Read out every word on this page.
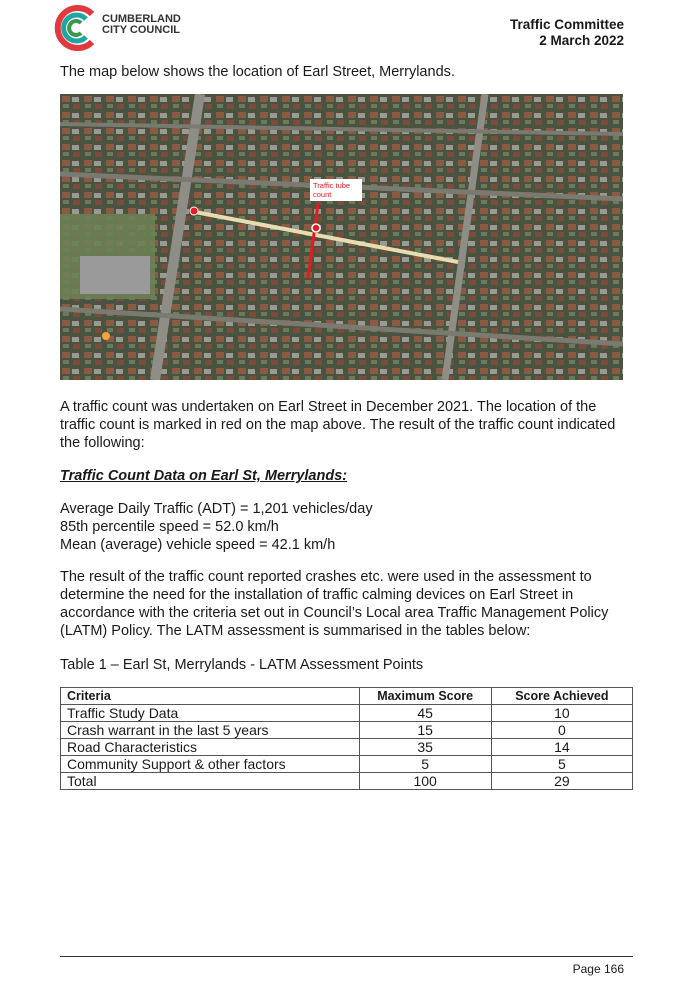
CUMBERLAND
CITY COUNCIL	Traffic Committee
2 March 2022
The map below shows the location of Earl Street, Merrylands.
Traffic tube
count
A traffic count was undertaken on Earl Street in December 2021. The location of the traffic count is marked in red on the map above. The result of the traffic count indicated the following:
Traffic Count Data on Earl St, Merrylands:
Average Daily Traffic (ADT) = 1,201 vehicles/day
85th percentile speed = 52.0 km/h
Mean (average) vehicle speed = 42.1 km/h
The result of the traffic count reported crashes etc. were used in the assessment to determine the need for the installation of traffic calming devices on Earl Street in accordance with the criteria set out in Council’s Local area Traffic Management Policy (LATM) Policy. The LATM assessment is summarised in the tables below:
Table 1 – Earl St, Merrylands - LATM Assessment Points
Criteria	Maximum Score	Score Achieved
Traffic Study Data	45	10
Crash warrant in the last 5 years	15	0
Road Characteristics	35	14
Community Support & other factors	5	5
Total	100	29
Page 166
